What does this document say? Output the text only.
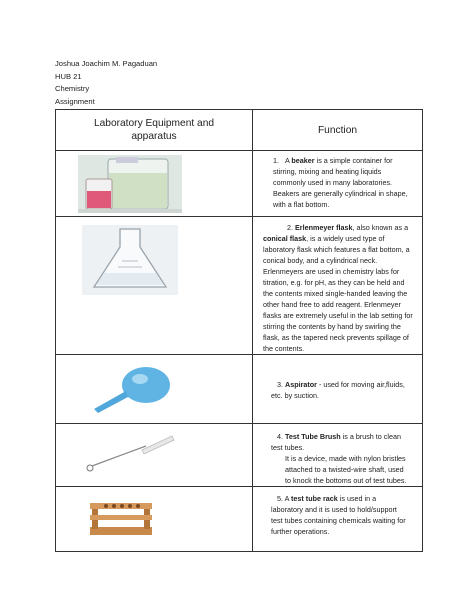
Joshua Joachim M. Pagaduan
HUB 21
Chemistry
Assignment
Laboratory Equipment and apparatus	Function

	1. A beaker is a simple container for stirring, mixing and heating liquids commonly used in many laboratories. Beakers are generally cylindrical in shape, with a flat bottom.

	2. Erlenmeyer flask, also known as a conical flask, is a widely used type of laboratory flask which features a flat bottom, a conical body, and a cylindrical neck. Erlenmeyers are used in chemistry labs for titration, e.g. for pH, as they can be held and the contents mixed single-handed leaving the other hand free to add reagent. Erlenmeyer flasks are extremely useful in the lab setting for stirring the contents by hand by swirling the flask, as the tapered neck prevents spillage of the contents.

	3. Aspirator - used for moving air,fluids, etc. by suction.

	4. Test Tube Brush is a brush to clean test tubes.
It is a device, made with nylon bristles attached to a twisted-wire shaft, used to knock the bottoms out of test tubes.

	5. A test tube rack is used in a laboratory and it is used to hold/support test tubes containing chemicals waiting for further operations.
